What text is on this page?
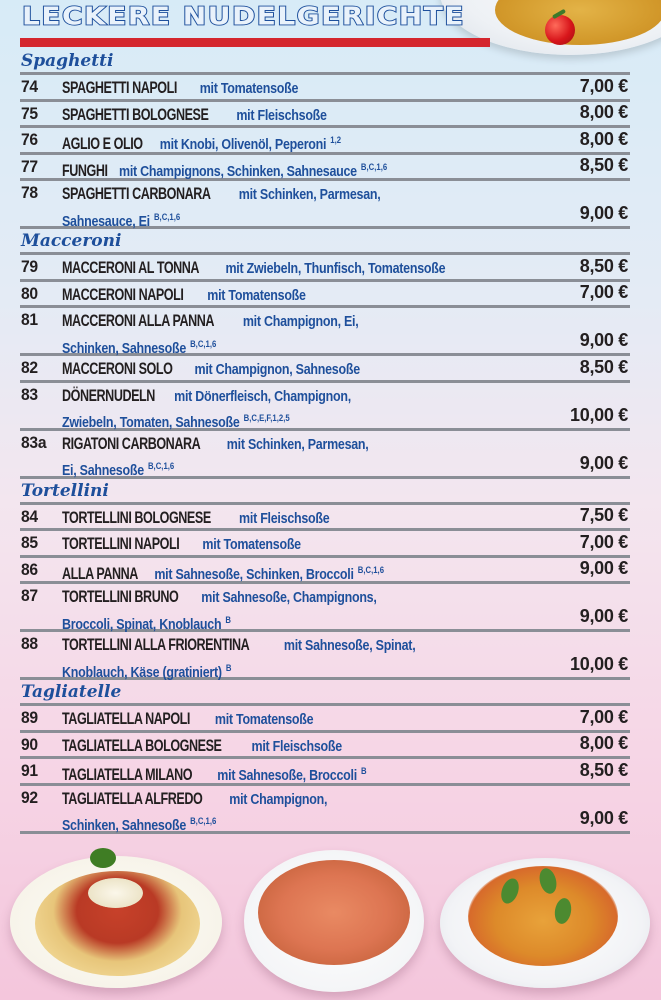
LECKERE NUDELGERICHTE
Spaghetti
74 SPAGHETTI NAPOLI mit Tomatensoße	7,00 €
75 SPAGHETTI BOLOGNESE mit Fleischsoße	8,00 €
76 AGLIO E OLIO mit Knobi, Olivenöl, Peperoni $^{1,2}$	8,00 €
77 FUNGHI mit Champignons, Schinken, Sahnesauce $^{B,C,1,6}$	8,50 €
78 SPAGHETTI CARBONARA mit Schinken, Parmesan,
Sahnesauce, Ei $^{B,C,1,6}$	9,00 €
Macceroni
79 MACCERONI AL TONNA mit Zwiebeln, Thunfisch, Tomatensoße	8,50 €
80 MACCERONI NAPOLI mit Tomatensoße	7,00 €
81 MACCERONI ALLA PANNA mit Champignon, Ei,
Schinken, Sahnesoße $^{B,C,1,6}$	9,00 €
82 MACCERONI SOLO mit Champignon, Sahnesoße	8,50 €
83 DÖNERNUDELN mit Dönerfleisch, Champignon,
Zwiebeln, Tomaten, Sahnesoße $^{B,C,E,F,1,2,5}$	10,00 €
83a RIGATONI CARBONARA mit Schinken, Parmesan,
Ei, Sahnesoße $^{B,C,1,6}$	9,00 €
Tortellini
84 TORTELLINI BOLOGNESE mit Fleischsoße	7,50 €
85 TORTELLINI NAPOLI mit Tomatensoße	7,00 €
86 ALLA PANNA mit Sahnesoße, Schinken, Broccoli $^{B,C,1,6}$	9,00 €
87 TORTELLINI BRUNO mit Sahnesoße, Champignons,
Broccoli, Spinat, Knoblauch $^B$	9,00 €
88 TORTELLINI ALLA FRIORENTINA mit Sahnesoße, Spinat,
Knoblauch, Käse (gratiniert) $^B$	10,00 €
Tagliatelle
89 TAGLIATELLA NAPOLI mit Tomatensoße	7,00 €
90 TAGLIATELLA BOLOGNESE mit Fleischsoße	8,00 €
91 TAGLIATELLA MILANO mit Sahnesoße, Broccoli $^B$	8,50 €
92 TAGLIATELLA ALFREDO mit Champignon,
Schinken, Sahnesoße $^{B,C,1,6}$	9,00 €
